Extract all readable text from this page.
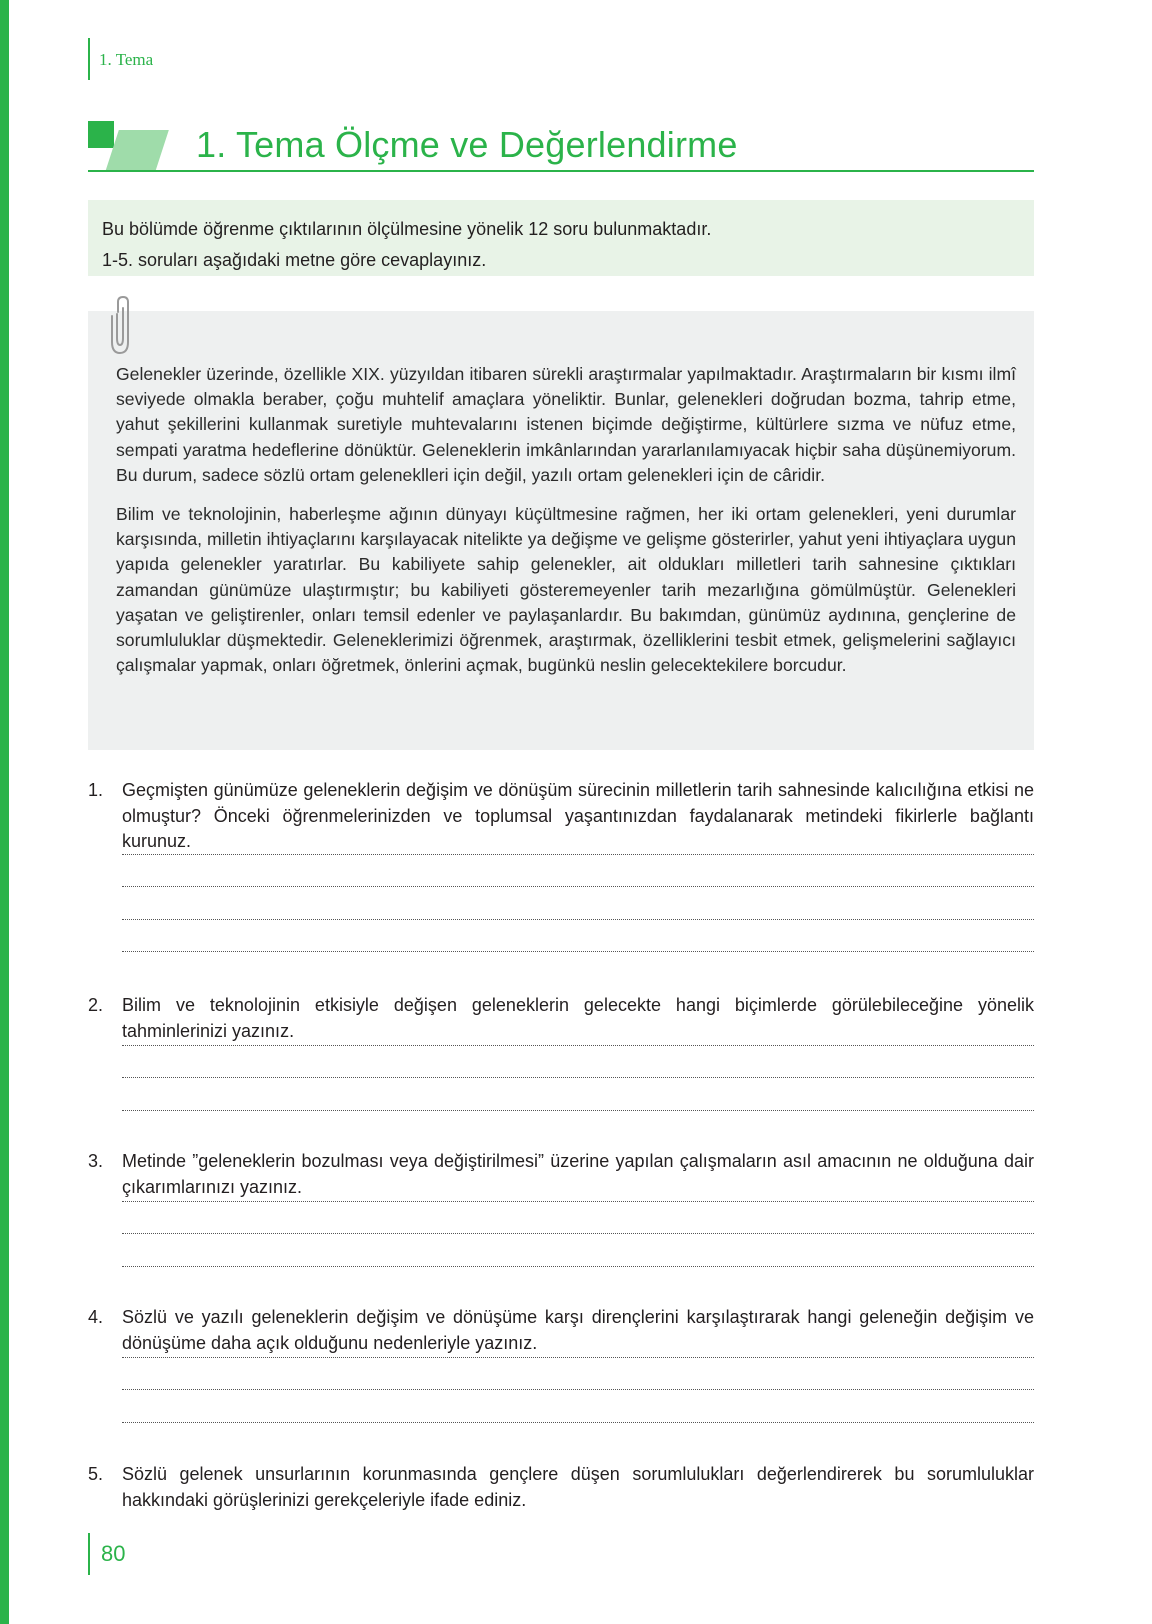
1. Tema
1. Tema Ölçme ve Değerlendirme

Bu bölümde öğrenme çıktılarının ölçülmesine yönelik 12 soru bulunmaktadır.

1-5. soruları aşağıdaki metne göre cevaplayınız.

Gelenekler üzerinde, özellikle XIX. yüzyıldan itibaren sürekli araştırmalar yapılmaktadır. Araştırmaların bir kısmı ilmî seviyede olmakla beraber, çoğu muhtelif amaçlara yöneliktir. Bunlar, gelenekleri doğrudan bozma, tahrip etme, yahut şekillerini kullanmak suretiyle muhtevalarını istenen biçimde değiştirme, kültürlere sızma ve nüfuz etme, sempati yaratma hedeflerine dönüktür. Geleneklerin imkânlarından yararlanılamıyacak hiçbir saha düşünemiyorum. Bu durum, sadece sözlü ortam geleneklleri için değil, yazılı ortam gelenekleri için de câridir.

Bilim ve teknolojinin, haberleşme ağının dünyayı küçültmesine rağmen, her iki ortam gelenekleri, yeni durumlar karşısında, milletin ihtiyaçlarını karşılayacak nitelikte ya değişme ve gelişme gösterirler, yahut yeni ihtiyaçlara uygun yapıda gelenekler yaratırlar. Bu kabiliyete sahip gelenekler, ait oldukları milletleri tarih sahnesine çıktıkları zamandan günümüze ulaştırmıştır; bu kabiliyeti gösteremeyenler tarih mezarlığına gömülmüştür. Gelenekleri yaşatan ve geliştirenler, onları temsil edenler ve paylaşanlardır. Bu bakımdan, günümüz aydınına, gençlerine de sorumluluklar düşmektedir. Geleneklerimizi öğrenmek, araştırmak, özelliklerini tesbit etmek, gelişmelerini sağlayıcı çalışmalar yapmak, onları öğretmek, önlerini açmak, bugünkü neslin gelecektekilere borcudur.

1. Geçmişten günümüze geleneklerin değişim ve dönüşüm sürecinin milletlerin tarih sahnesinde kalıcılığına etkisi ne olmuştur? Önceki öğrenmelerinizden ve toplumsal yaşantınızdan faydalanarak metindeki fikirlerle bağlantı kurunuz.
2. Bilim ve teknolojinin etkisiyle değişen geleneklerin gelecekte hangi biçimlerde görülebileceğine yönelik tahminlerinizi yazınız.
3. Metinde ”geleneklerin bozulması veya değiştirilmesi” üzerine yapılan çalışmaların asıl amacının ne olduğuna dair çıkarımlarınızı yazınız.
4. Sözlü ve yazılı geleneklerin değişim ve dönüşüme karşı dirençlerini karşılaştırarak hangi geleneğin değişim ve dönüşüme daha açık olduğunu nedenleriyle yazınız.
5. Sözlü gelenek unsurlarının korunmasında gençlere düşen sorumlulukları değerlendirerek bu sorumluluklar hakkındaki görüşlerinizi gerekçeleriyle ifade ediniz.
80
